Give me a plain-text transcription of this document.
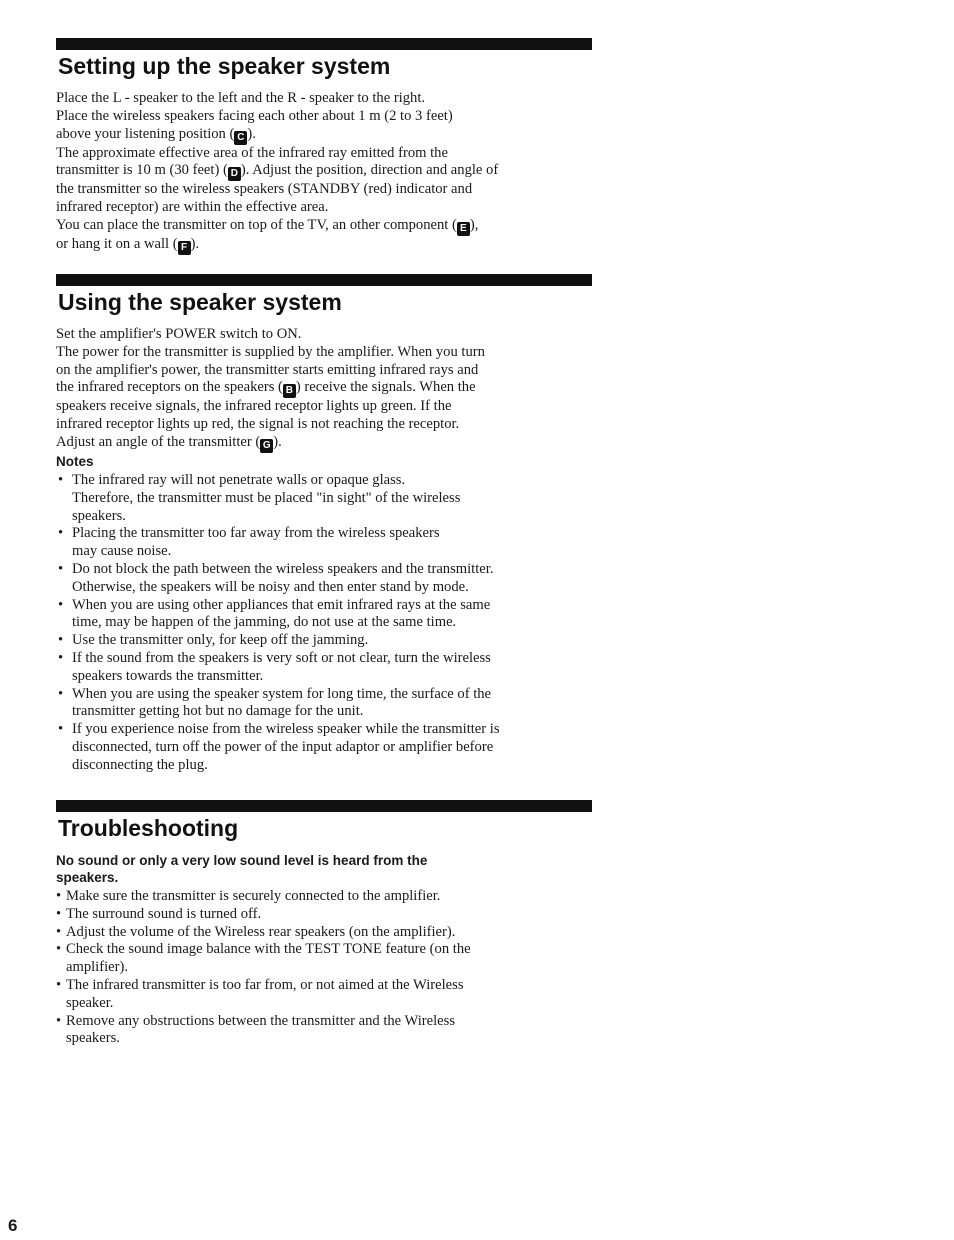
Setting up the speaker system
Place the L - speaker to the left and the R - speaker to the right.
Place the wireless speakers facing each other about 1 m (2 to 3 feet)
above your listening position ( C ).
The approximate effective area of the infrared ray emitted from the
transmitter is 10 m (30 feet) ( D ). Adjust the position, direction and angle of
the transmitter so the wireless speakers (STANDBY (red) indicator and
infrared receptor) are within the effective area.
You can place the transmitter on top of the TV, an other component ( E ),
or hang it on a wall ( F ).
Using the speaker system
Set the amplifier's POWER switch to ON.
The power for the transmitter is supplied by the amplifier. When you turn
on the amplifier's power, the transmitter starts emitting infrared rays and
the infrared receptors on the speakers ( B ) receive the signals. When the
speakers receive signals, the infrared receptor lights up green. If the
infrared receptor lights up red, the signal is not reaching the receptor.
Adjust an angle of the transmitter ( G ).
Notes
• The infrared ray will not penetrate walls or opaque glass.
Therefore, the transmitter must be placed "in sight" of the wireless
speakers.
• Placing the transmitter too far away from the wireless speakers
may cause noise.
• Do not block the path between the wireless speakers and the transmitter.
Otherwise, the speakers will be noisy and then enter stand by mode.
• When you are using other appliances that emit infrared rays at the same
time, may be happen of the jamming, do not use at the same time.
• Use the transmitter only, for keep off the jamming.
• If the sound from the speakers is very soft or not clear, turn the wireless
speakers towards the transmitter.
• When you are using the speaker system for long time, the surface of the
transmitter getting hot but no damage for the unit.
• If you experience noise from the wireless speaker while the transmitter is
disconnected, turn off the power of the input adaptor or amplifier before
disconnecting the plug.
Troubleshooting
No sound or only a very low sound level is heard from the
speakers.
• Make sure the transmitter is securely connected to the amplifier.
• The surround sound is turned off.
• Adjust the volume of the Wireless rear speakers (on the amplifier).
• Check the sound image balance with the TEST TONE feature (on the
amplifier).
• The infrared transmitter is too far from, or not aimed at the Wireless
speaker.
• Remove any obstructions between the transmitter and the Wireless
speakers.
6
